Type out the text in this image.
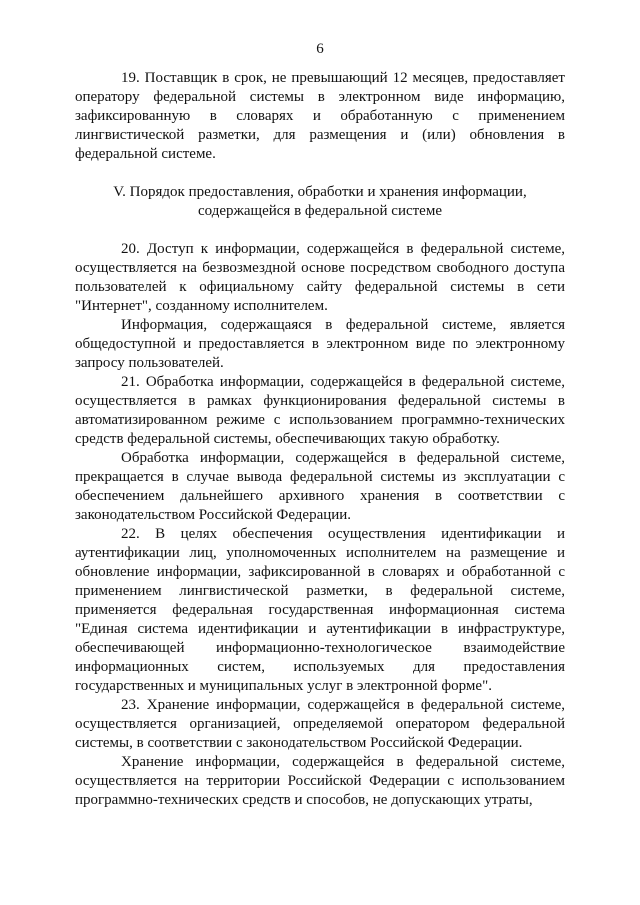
6

19. Поставщик в срок, не превышающий 12 месяцев, предоставляет оператору федеральной системы в электронном виде информацию, зафиксированную в словарях и обработанную с применением лингвистической разметки, для размещения и (или) обновления в федеральной системе.

V. Порядок предоставления, обработки и хранения информации,
содержащейся в федеральной системе

20. Доступ к информации, содержащейся в федеральной системе, осуществляется на безвозмездной основе посредством свободного доступа пользователей к официальному сайту федеральной системы в сети "Интернет", созданному исполнителем.

Информация, содержащаяся в федеральной системе, является общедоступной и предоставляется в электронном виде по электронному запросу пользователей.

21. Обработка информации, содержащейся в федеральной системе, осуществляется в рамках функционирования федеральной системы в автоматизированном режиме с использованием программно-технических средств федеральной системы, обеспечивающих такую обработку.

Обработка информации, содержащейся в федеральной системе, прекращается в случае вывода федеральной системы из эксплуатации с обеспечением дальнейшего архивного хранения в соответствии с законодательством Российской Федерации.

22. В целях обеспечения осуществления идентификации и аутентификации лиц, уполномоченных исполнителем на размещение и обновление информации, зафиксированной в словарях и обработанной с применением лингвистической разметки, в федеральной системе, применяется федеральная государственная информационная система "Единая система идентификации и аутентификации в инфраструктуре, обеспечивающей информационно-технологическое взаимодействие информационных систем, используемых для предоставления государственных и муниципальных услуг в электронной форме".

23. Хранение информации, содержащейся в федеральной системе, осуществляется организацией, определяемой оператором федеральной системы, в соответствии с законодательством Российской Федерации.

Хранение информации, содержащейся в федеральной системе, осуществляется на территории Российской Федерации с использованием программно-технических средств и способов, не допускающих утраты,
